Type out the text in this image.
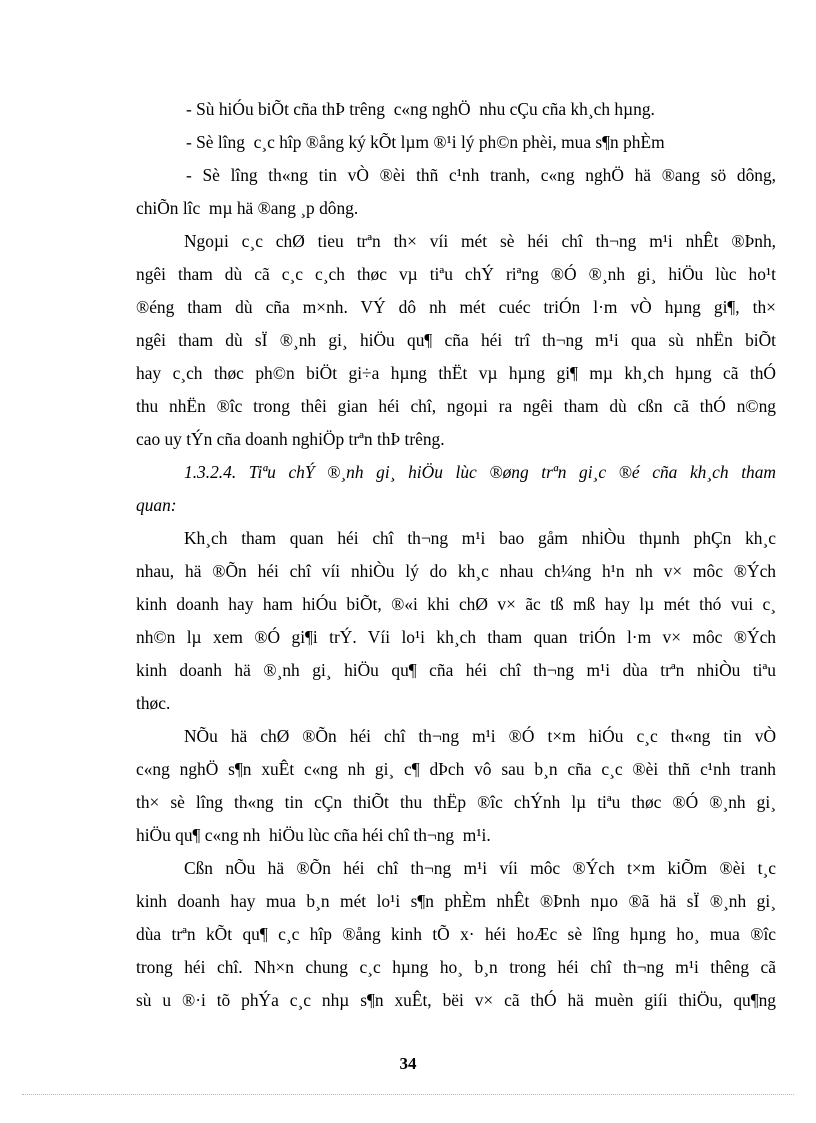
- Sù hiÓu biÕt cña thÞ trêng  c«ng nghÖ  nhu cÇu cña kh¸ch hµng.
- Sè lîng  c¸c hîp ®ång ký kÕt lµm ®¹i lý ph©n phèi, mua s¶n phÈm
- Sè lîng th«ng tin vÒ ®èi thñ c¹nh tranh, c«ng nghÖ hä ®ang sö dông,
chiÕn lîc  mµ hä ®ang ¸p dông.
Ngoµi c¸c chØ tieu trªn th× víi mét sè héi chî th¬ng m¹i nhÊt ®Þnh,
ngêi tham dù cã c¸c c¸ch thøc vµ tiªu chÝ riªng ®Ó ®¸nh gi¸ hiÖu lùc ho¹t
®éng tham dù cña m×nh. VÝ dô nh mét cuéc triÓn l·m vÒ hµng gi¶, th×
ngêi tham dù sÏ ®¸nh gi¸ hiÖu qu¶ cña héi trî th¬ng m¹i qua sù nhËn biÕt
hay c¸ch thøc ph©n biÖt gi÷a hµng thËt vµ hµng gi¶ mµ kh¸ch hµng cã thÓ
thu nhËn ®îc trong thêi gian héi chî, ngoµi ra ngêi tham dù cßn cã thÓ n©ng
cao uy tÝn cña doanh nghiÖp trªn thÞ trêng.
1.3.2.4. Tiªu chÝ ®¸nh gi¸ hiÖu lùc ®øng trªn gi¸c ®é cña kh¸ch tham
quan:
Kh¸ch tham quan héi chî th¬ng m¹i bao gåm nhiÒu thµnh phÇn kh¸c
nhau, hä ®Õn héi chî víi nhiÒu lý do kh¸c nhau ch¼ng h¹n nh v× môc ®Ých
kinh doanh hay ham hiÓu biÕt, ®«i khi chØ v× ãc tß mß hay lµ mét thó vui c¸
nh©n lµ xem ®Ó gi¶i trÝ. Víi lo¹i kh¸ch tham quan triÓn l·m v× môc ®Ých
kinh doanh hä ®¸nh gi¸ hiÖu qu¶ cña héi chî th¬ng m¹i dùa trªn nhiÒu tiªu
thøc.
NÕu hä chØ ®Õn héi chî th¬ng m¹i ®Ó t×m hiÓu c¸c th«ng tin vÒ
c«ng nghÖ s¶n xuÊt c«ng nh gi¸ c¶ dÞch vô sau b¸n cña c¸c ®èi thñ c¹nh tranh
th× sè lîng th«ng tin cÇn thiÕt thu thËp ®îc chÝnh lµ tiªu thøc ®Ó ®¸nh gi¸
hiÖu qu¶ c«ng nh  hiÖu lùc cña héi chî th¬ng  m¹i.
Cßn nÕu hä ®Õn héi chî th¬ng m¹i víi môc ®Ých t×m kiÕm ®èi t¸c
kinh doanh hay mua b¸n mét lo¹i s¶n phÈm nhÊt ®Þnh nµo ®ã hä sÏ ®¸nh gi¸
dùa trªn kÕt qu¶ c¸c hîp ®ång kinh tÕ x· héi hoÆc sè lîng hµng ho¸ mua ®îc
trong héi chî. Nh×n chung c¸c hµng ho¸ b¸n trong héi chî th¬ng m¹i thêng cã
sù u ®·i tõ phÝa c¸c nhµ s¶n xuÊt, bëi v× cã thÓ hä muèn giíi thiÖu, qu¶ng
34
